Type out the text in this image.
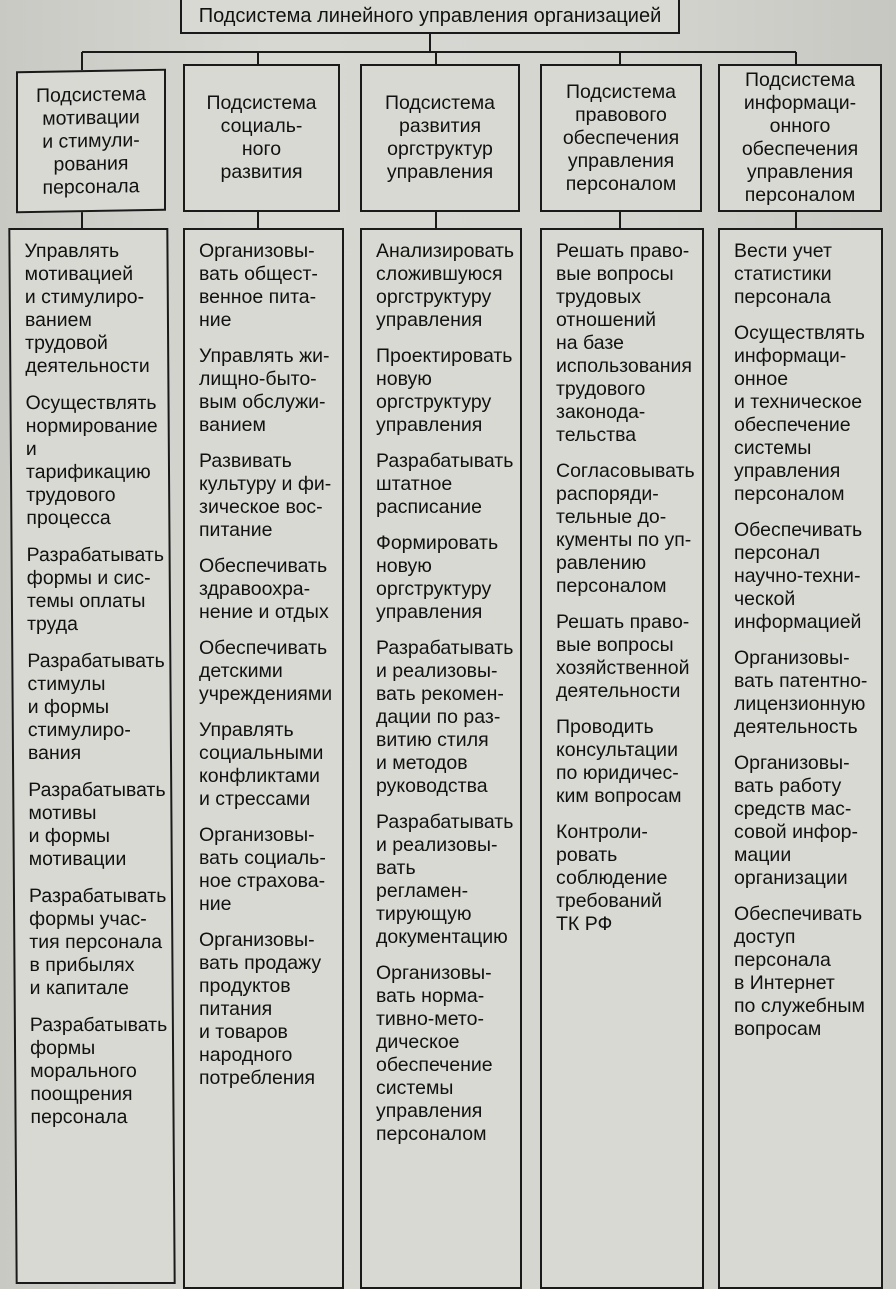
Подсистема линейного управления организацией
Подсистема
мотивации
и стимули-
рования
персонала
Подсистема
социаль-
ного
развития
Подсистема
развития
оргструктур
управления
Подсистема
правового
обеспечения
управления
персоналом
Подсистема
информаци-
онного
обеспечения
управления
персоналом
Управлять
мотивацией
и стимулиро-
ванием
трудовой
деятельности
Осуществлять
нормирование
и тарификацию
трудового
процесса
Разрабатывать
формы и сис-
темы оплаты
труда
Разрабатывать
стимулы
и формы
стимулиро-
вания
Разрабатывать
мотивы
и формы
мотивации
Разрабатывать
формы учас-
тия персонала
в прибылях
и капитале
Разрабатывать
формы
морального
поощрения
персонала
Организовы-
вать общест-
венное пита-
ние
Управлять жи-
лищно-быто-
вым обслужи-
ванием
Развивать
культуру и фи-
зическое вос-
питание
Обеспечивать
здравоохра-
нение и отдых
Обеспечивать
детскими
учреждениями
Управлять
социальными
конфликтами
и стрессами
Организовы-
вать социаль-
ное страхова-
ние
Организовы-
вать продажу
продуктов
питания
и товаров
народного
потребления
Анализировать
сложившуюся
оргструктуру
управления
Проектировать
новую
оргструктуру
управления
Разрабатывать
штатное
расписание
Формировать
новую
оргструктуру
управления
Разрабатывать
и реализовы-
вать рекомен-
дации по раз-
витию стиля
и методов
руководства
Разрабатывать
и реализовы-
вать регламен-
тирующую
документацию
Организовы-
вать норма-
тивно-мето-
дическое
обеспечение
системы
управления
персоналом
Решать право-
вые вопросы
трудовых
отношений
на базе
использования
трудового
законода-
тельства
Согласовывать
распоряди-
тельные до-
кументы по уп-
равлению
персоналом
Решать право-
вые вопросы
хозяйственной
деятельности
Проводить
консультации
по юридичес-
ким вопросам
Контроли-
ровать
соблюдение
требований
ТК РФ
Вести учет
статистики
персонала
Осуществлять
информаци-
онное
и техническое
обеспечение
системы
управления
персоналом
Обеспечивать
персонал
научно-техни-
ческой
информацией
Организовы-
вать патентно-
лицензионную
деятельность
Организовы-
вать работу
средств мас-
совой инфор-
мации
организации
Обеспечивать
доступ
персонала
в Интернет
по служебным
вопросам
